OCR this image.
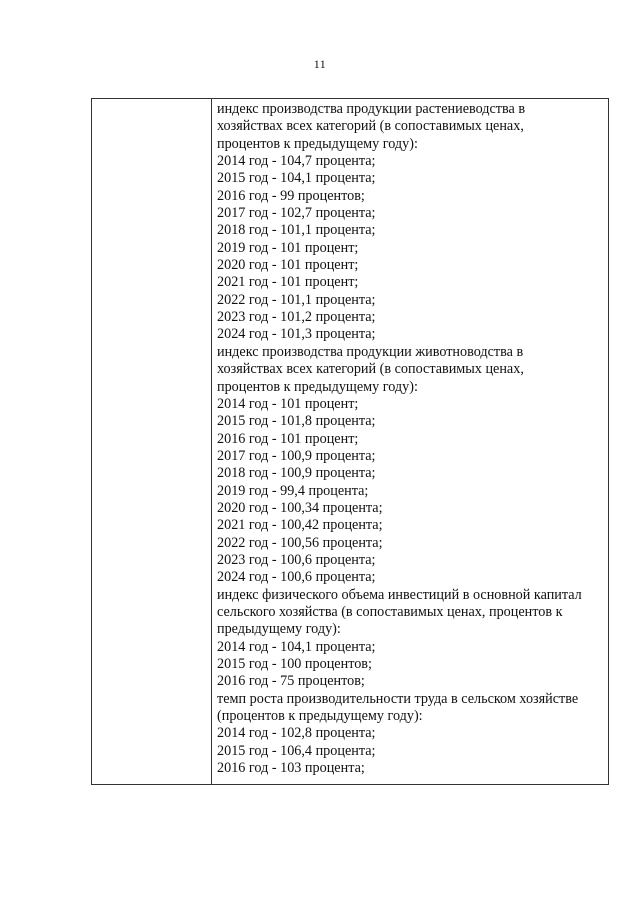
11
индекс производства продукции растениеводства в
хозяйствах всех категорий (в сопоставимых ценах,
процентов к предыдущему году):
2014 год - 104,7 процента;
2015 год - 104,1 процента;
2016 год - 99 процентов;
2017 год - 102,7 процента;
2018 год - 101,1 процента;
2019 год - 101 процент;
2020 год - 101 процент;
2021 год - 101 процент;
2022 год - 101,1 процента;
2023 год - 101,2 процента;
2024 год - 101,3 процента;
индекс производства продукции животноводства в
хозяйствах всех категорий (в сопоставимых ценах,
процентов к предыдущему году):
2014 год - 101 процент;
2015 год - 101,8 процента;
2016 год - 101 процент;
2017 год - 100,9 процента;
2018 год - 100,9 процента;
2019 год - 99,4 процента;
2020 год - 100,34 процента;
2021 год - 100,42 процента;
2022 год - 100,56 процента;
2023 год - 100,6 процента;
2024 год - 100,6 процента;
индекс физического объема инвестиций в основной капитал
сельского хозяйства (в сопоставимых ценах, процентов к
предыдущему году):
2014 год - 104,1 процента;
2015 год - 100 процентов;
2016 год - 75 процентов;
темп роста производительности труда в сельском хозяйстве
(процентов к предыдущему году):
2014 год - 102,8 процента;
2015 год - 106,4 процента;
2016 год - 103 процента;
